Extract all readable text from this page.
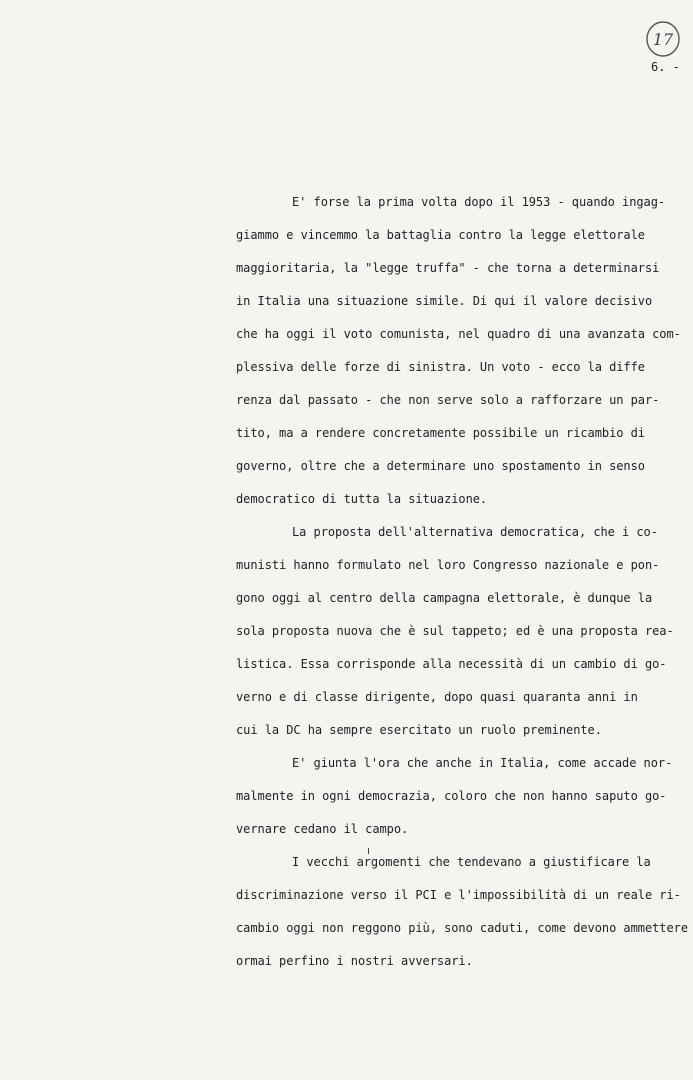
17
6. -
E' forse la prima volta dopo il 1953 - quando ingag-
giammo e vincemmo la battaglia contro la legge elettorale
maggioritaria, la "legge truffa" - che torna a determinarsi
in Italia una situazione simile. Di qui il valore decisivo
che ha oggi il voto comunista, nel quadro di una avanzata com-
plessiva delle forze di sinistra. Un voto - ecco la diffe
renza dal passato - che non serve solo a rafforzare un par-
tito, ma a rendere concretamente possibile un ricambio di
governo, oltre che a determinare uno spostamento in senso
democratico di tutta la situazione.
La proposta dell'alternativa democratica, che i co-
munisti hanno formulato nel loro Congresso nazionale e pon-
gono oggi al centro della campagna elettorale, è dunque la
sola proposta nuova che è sul tappeto; ed è una proposta rea-
listica. Essa corrisponde alla necessità di un cambio di go-
verno e di classe dirigente, dopo quasi quaranta anni in
cui la DC ha sempre esercitato un ruolo preminente.
E' giunta l'ora che anche in Italia, come accade nor-
malmente in ogni democrazia, coloro che non hanno saputo go-
vernare cedano il campo.
I vecchi argomenti che tendevano a giustificare la
discriminazione verso il PCI e l'impossibilità di un reale ri-
cambio oggi non reggono più, sono caduti, come devono ammettere
ormai perfino i nostri avversari.
